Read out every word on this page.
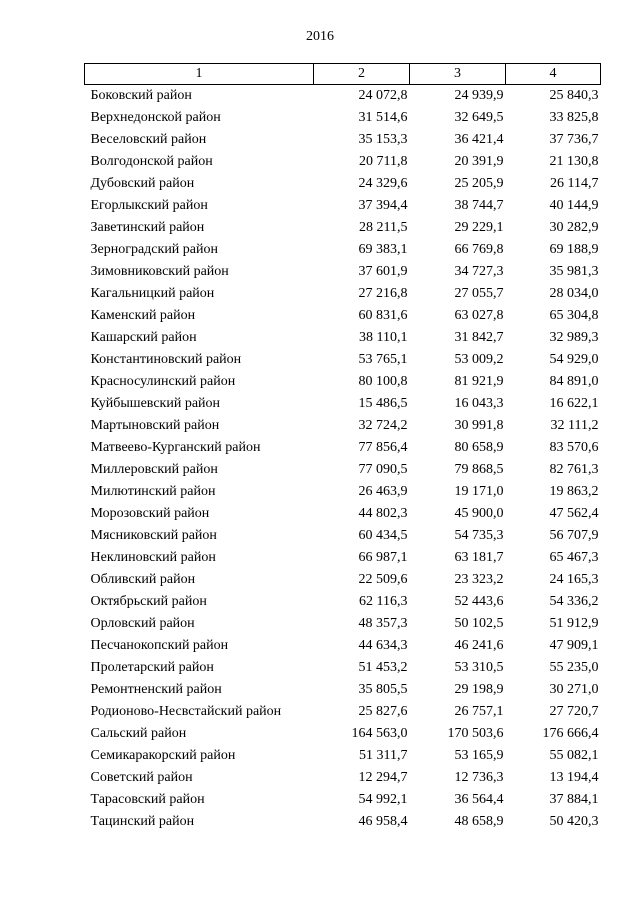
2016
1	2	3	4
Боковский район	24 072,8	24 939,9	25 840,3
Верхнедонской район	31 514,6	32 649,5	33 825,8
Веселовский район	35 153,3	36 421,4	37 736,7
Волгодонской район	20 711,8	20 391,9	21 130,8
Дубовский район	24 329,6	25 205,9	26 114,7
Егорлыкский район	37 394,4	38 744,7	40 144,9
Заветинский район	28 211,5	29 229,1	30 282,9
Зерноградский район	69 383,1	66 769,8	69 188,9
Зимовниковский район	37 601,9	34 727,3	35 981,3
Кагальницкий район	27 216,8	27 055,7	28 034,0
Каменский район	60 831,6	63 027,8	65 304,8
Кашарский район	38 110,1	31 842,7	32 989,3
Константиновский район	53 765,1	53 009,2	54 929,0
Красносулинский район	80 100,8	81 921,9	84 891,0
Куйбышевский район	15 486,5	16 043,3	16 622,1
Мартыновский район	32 724,2	30 991,8	32 111,2
Матвеево-Курганский район	77 856,4	80 658,9	83 570,6
Миллеровский район	77 090,5	79 868,5	82 761,3
Милютинский район	26 463,9	19 171,0	19 863,2
Морозовский район	44 802,3	45 900,0	47 562,4
Мясниковский район	60 434,5	54 735,3	56 707,9
Неклиновский район	66 987,1	63 181,7	65 467,3
Обливский район	22 509,6	23 323,2	24 165,3
Октябрьский район	62 116,3	52 443,6	54 336,2
Орловский район	48 357,3	50 102,5	51 912,9
Песчанокопский район	44 634,3	46 241,6	47 909,1
Пролетарский район	51 453,2	53 310,5	55 235,0
Ремонтненский район	35 805,5	29 198,9	30 271,0
Родионово-Несвстайский район	25 827,6	26 757,1	27 720,7
Сальский район	164 563,0	170 503,6	176 666,4
Семикаракорский район	51 311,7	53 165,9	55 082,1
Советский район	12 294,7	12 736,3	13 194,4
Тарасовский район	54 992,1	36 564,4	37 884,1
Тацинский район	46 958,4	48 658,9	50 420,3
